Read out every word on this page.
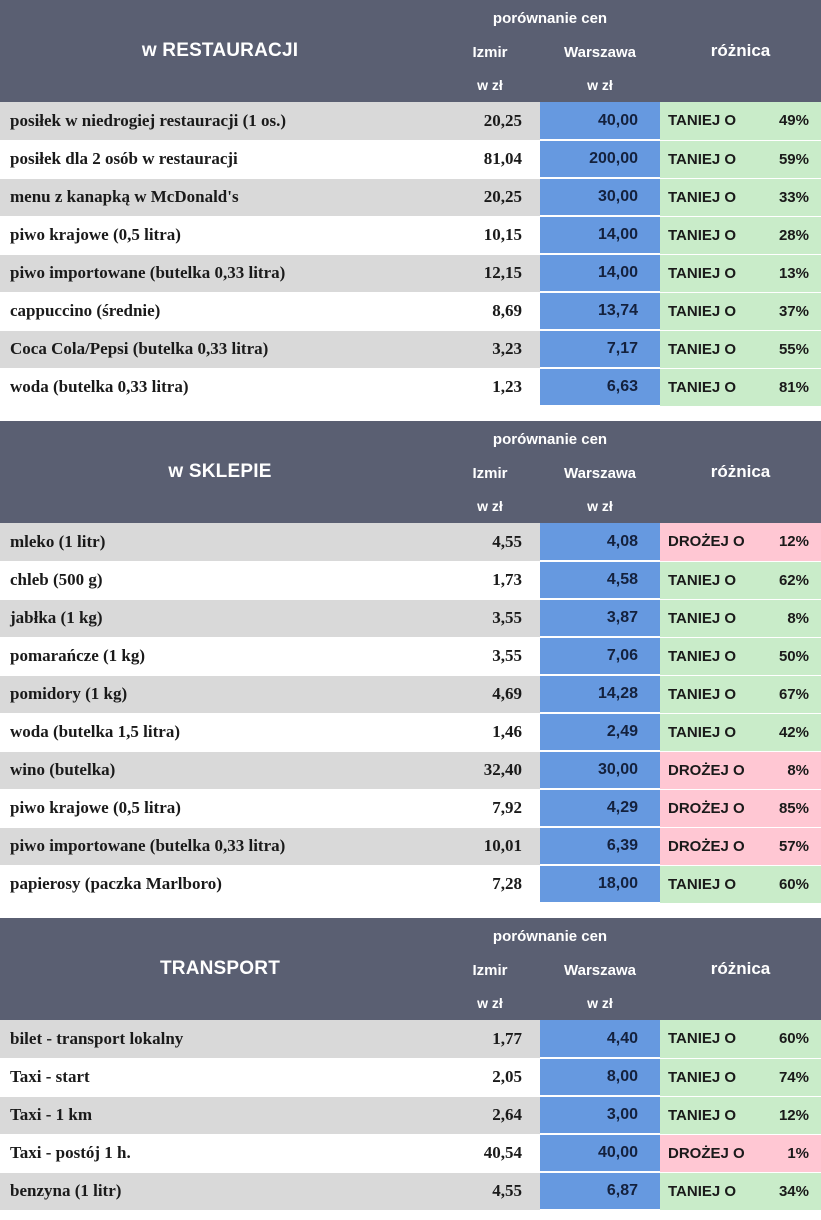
w RESTAURACJI	porównanie cen		różnica	
	Izmir	Warszawa		
	w zł	w zł		
posiłek w niedrogiej restauracji (1 os.)	20,25	40,00	TANIEJ O	49%
posiłek dla 2 osób w restauracji	81,04	200,00	TANIEJ O	59%
menu z kanapką w McDonald's	20,25	30,00	TANIEJ O	33%
piwo krajowe (0,5 litra)	10,15	14,00	TANIEJ O	28%
piwo importowane (butelka 0,33 litra)	12,15	14,00	TANIEJ O	13%
cappuccino (średnie)	8,69	13,74	TANIEJ O	37%
Coca Cola/Pepsi (butelka 0,33 litra)	3,23	7,17	TANIEJ O	55%
woda (butelka 0,33 litra)	1,23	6,63	TANIEJ O	81%
w SKLEPIE	porównanie cen		różnica	
	Izmir	Warszawa		
	w zł	w zł		
mleko (1 litr)	4,55	4,08	DROŻEJ O	12%
chleb (500 g)	1,73	4,58	TANIEJ O	62%
jabłka (1 kg)	3,55	3,87	TANIEJ O	8%
pomarańcze (1 kg)	3,55	7,06	TANIEJ O	50%
pomidory (1 kg)	4,69	14,28	TANIEJ O	67%
woda (butelka 1,5 litra)	1,46	2,49	TANIEJ O	42%
wino (butelka)	32,40	30,00	DROŻEJ O	8%
piwo krajowe (0,5 litra)	7,92	4,29	DROŻEJ O	85%
piwo importowane (butelka 0,33 litra)	10,01	6,39	DROŻEJ O	57%
papierosy (paczka Marlboro)	7,28	18,00	TANIEJ O	60%
TRANSPORT	porównanie cen		różnica	
	Izmir	Warszawa		
	w zł	w zł		
bilet - transport lokalny	1,77	4,40	TANIEJ O	60%
Taxi - start	2,05	8,00	TANIEJ O	74%
Taxi - 1 km	2,64	3,00	TANIEJ O	12%
Taxi - postój 1 h.	40,54	40,00	DROŻEJ O	1%
benzyna (1 litr)	4,55	6,87	TANIEJ O	34%
